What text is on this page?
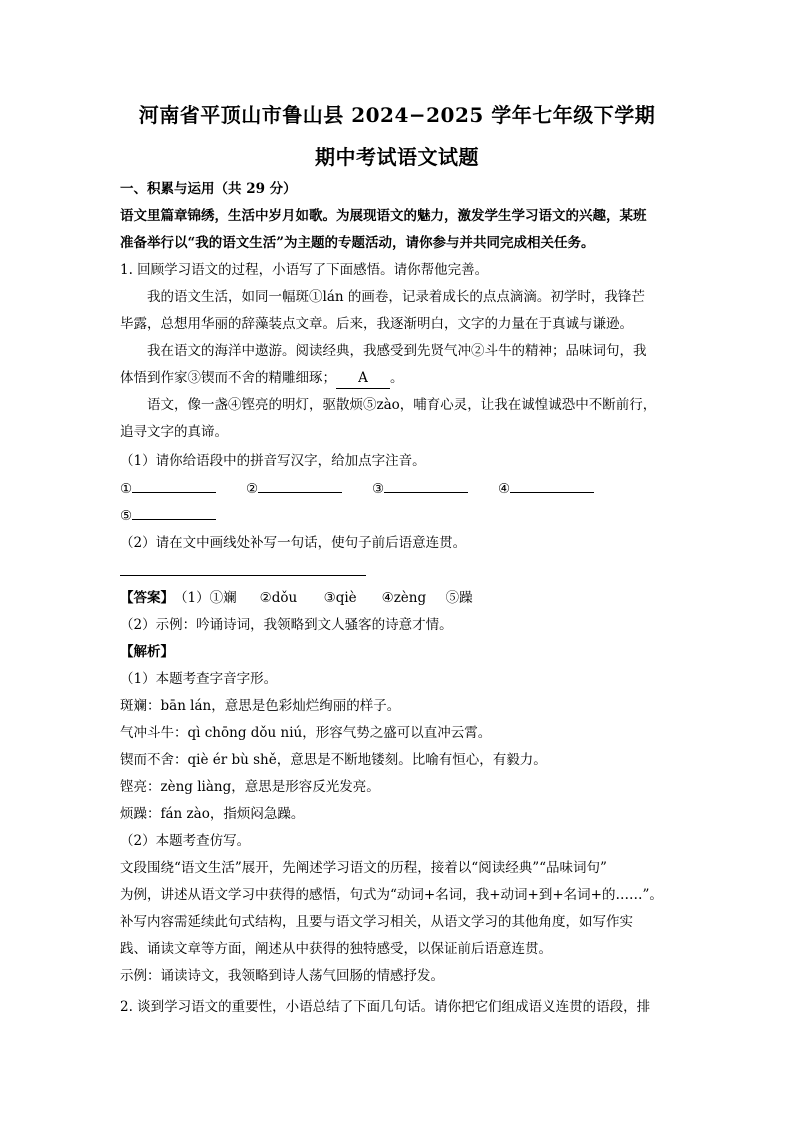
河南省平顶山市鲁山县 2024−2025 学年七年级下学期
期中考试语文试题
一、积累与运用（共 29 分）
语文里篇章锦绣，生活中岁月如歌。为展现语文的魅力，激发学生学习语文的兴趣，某班
准备举行以“我的语文生活”为主题的专题活动，请你参与并共同完成相关任务。
1. 回顾学习语文的过程，小语写了下面感悟。请你帮他完善。
我的语文生活，如同一幅斑①lán 的画卷，记录着成长的点点滴滴。初学时，我锋芒
毕露，总想用华丽的辞藻装点文章。后来，我逐渐明白，文字的力量在于真诚与谦逊。
我在语文的海洋中遨游。阅读经典，我感受到先贤气冲②斗牛的精神；品味词句，我
体悟到作家③锲而不舍的精雕细琢； A 。
语文，像一盏④铿亮的明灯，驱散烦⑤zào，哺育心灵，让我在诚惶诚恐中不断前行，
追寻文字的真谛。
（1）请你给语段中的拼音写汉字，给加点字注音。
①	②	③	④
⑤
（2）请在文中画线处补写一句话，使句子前后语意连贯。
【答案】（1）①斓 ②dǒu ③qiè ④zèng ⑤躁
（2）示例：吟诵诗词，我领略到文人骚客的诗意才情。
【解析】
（1）本题考查字音字形。
斑斓：bān lán，意思是色彩灿烂绚丽的样子。
气冲斗牛：qì chōng dǒu niú，形容气势之盛可以直冲云霄。
锲而不舍：qiè ér bù shě，意思是不断地镂刻。比喻有恒心，有毅力。
铿亮：zèng liàng，意思是形容反光发亮。
烦躁：fán zào，指烦闷急躁。
（2）本题考查仿写。
文段围绕“语文生活”展开，先阐述学习语文的历程，接着以“阅读经典”“品味词句”
为例，讲述从语文学习中获得的感悟，句式为“动词+名词，我+动词+到+名词+的……”。
补写内容需延续此句式结构，且要与语文学习相关，从语文学习的其他角度，如写作实
践、诵读文章等方面，阐述从中获得的独特感受，以保证前后语意连贯。
示例：诵读诗文，我领略到诗人荡气回肠的情感抒发。
2. 谈到学习语文的重要性，小语总结了下面几句话。请你把它们组成语义连贯的语段，排
